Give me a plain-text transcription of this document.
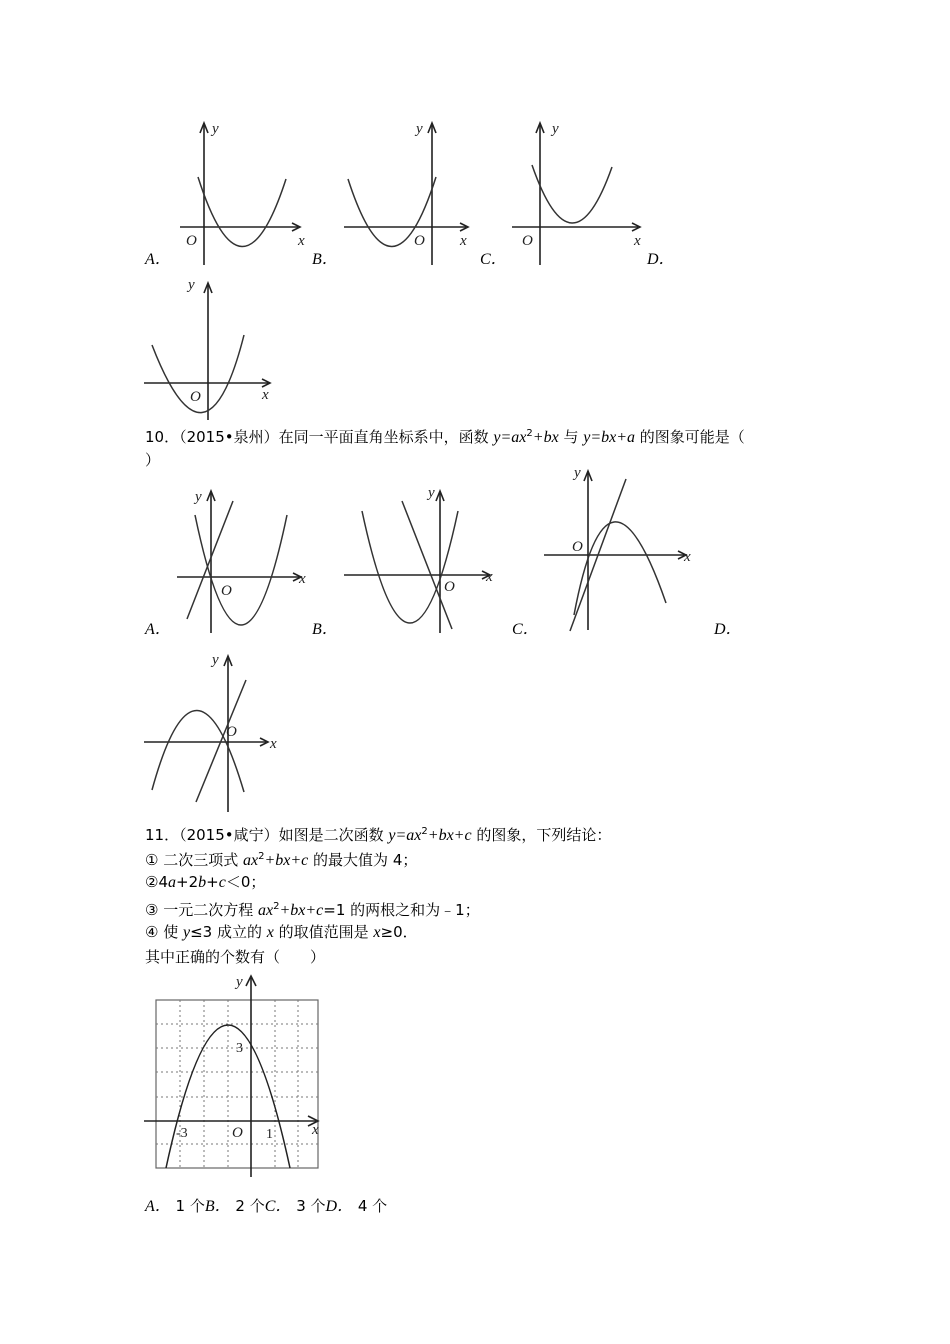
x
y
O
A．
x
y
O
B．
x
y
O
C．	D．
x
y
O
10．（2015•泉州）在同一平面直角坐标系中，函数 $y=ax^2+bx$ 与 y=bx+a 的图象可能是（
）
x
y
O
A．
x
y
O
B．
x
y
O
C．	D．
x
y
O
11．（2015•咸宁）如图是二次函数 $y=ax^2+bx+c$ 的图象，下列结论：
① 二次三项式 $ax^2+bx+c$ 的最大值为 4；
②4a+2b+c＜0；
③ 一元二次方程 $ax^2+bx+c=1$ 的两根之和为﹣1；
④ 使 y≤3 成立的 x 的取值范围是 x≥0．
其中正确的个数有（　　）
x
y
O
3
-3	1
A． 1 个B． 2 个C． 3 个D． 4 个
